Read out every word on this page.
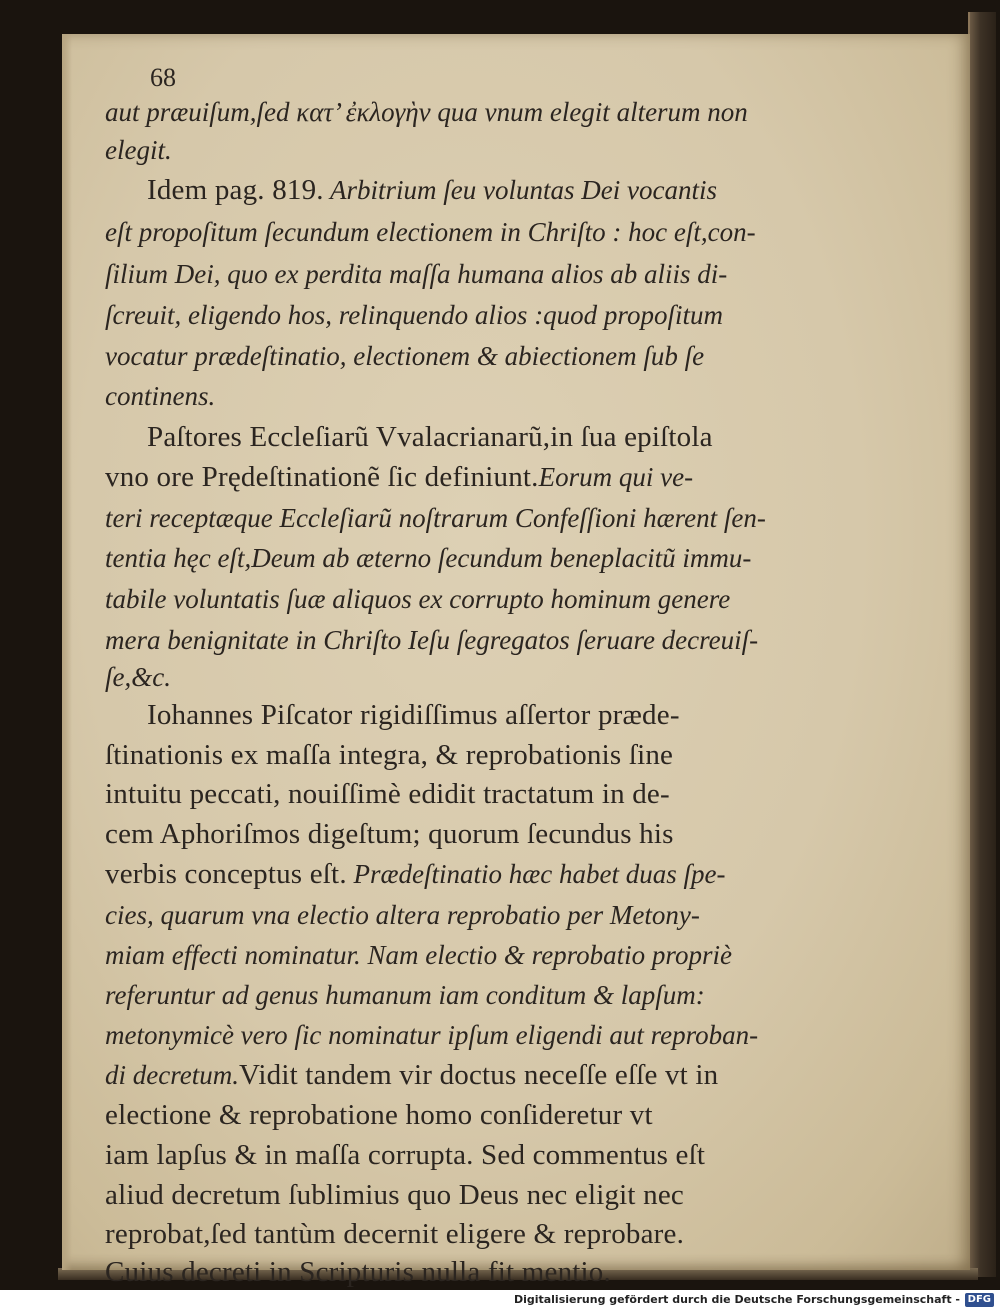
68
aut præuiſum,ſed κατ’ ἐκλογὴν qua vnum elegit alterum non
elegit.
Idem pag. 819. Arbitrium ſeu voluntas Dei vocantis
eſt propoſitum ſecundum electionem in Chriſto : hoc eſt,con-
ſilium Dei, quo ex perdita maſſa humana alios ab aliis di-
ſcreuit, eligendo hos, relinquendo alios :quod propoſitum
vocatur prædeſtinatio, electionem & abiectionem ſub ſe
continens.
Paſtores Eccleſiarũ Vvalacrianarũ,in ſua epiſtola
vno ore Prędeſtinationẽ ſic definiunt.Eorum qui ve-
teri receptæque Eccleſiarũ noſtrarum Confeſſioni hærent ſen-
tentia hęc eſt,Deum ab æterno ſecundum beneplacitũ immu-
tabile voluntatis ſuæ aliquos ex corrupto hominum genere
mera benignitate in Chriſto Ieſu ſegregatos ſeruare decreuiſ-
ſe,&c.
Iohannes Piſcator rigidiſſimus aſſertor præde-
ſtinationis ex maſſa integra, & reprobationis ſine
intuitu peccati, nouiſſimè edidit tractatum in de-
cem Aphoriſmos digeſtum; quorum ſecundus his
verbis conceptus eſt. Prædeſtinatio hæc habet duas ſpe-
cies, quarum vna electio altera reprobatio per Metony-
miam effecti nominatur. Nam electio & reprobatio propriè
referuntur ad genus humanum iam conditum & lapſum:
metonymicè vero ſic nominatur ipſum eligendi aut reproban-
di decretum.Vidit tandem vir doctus neceſſe eſſe vt in
electione & reprobatione homo conſideretur vt
iam lapſus & in maſſa corrupta. Sed commentus eſt
aliud decretum ſublimius quo Deus nec eligit nec
reprobat,ſed tantùm decernit eligere & reprobare.
Cuius decreti in Scripturis nulla fit mentio.
Digitalisierung gefördert durch die Deutsche Forschungsgemeinschaft - DFG
